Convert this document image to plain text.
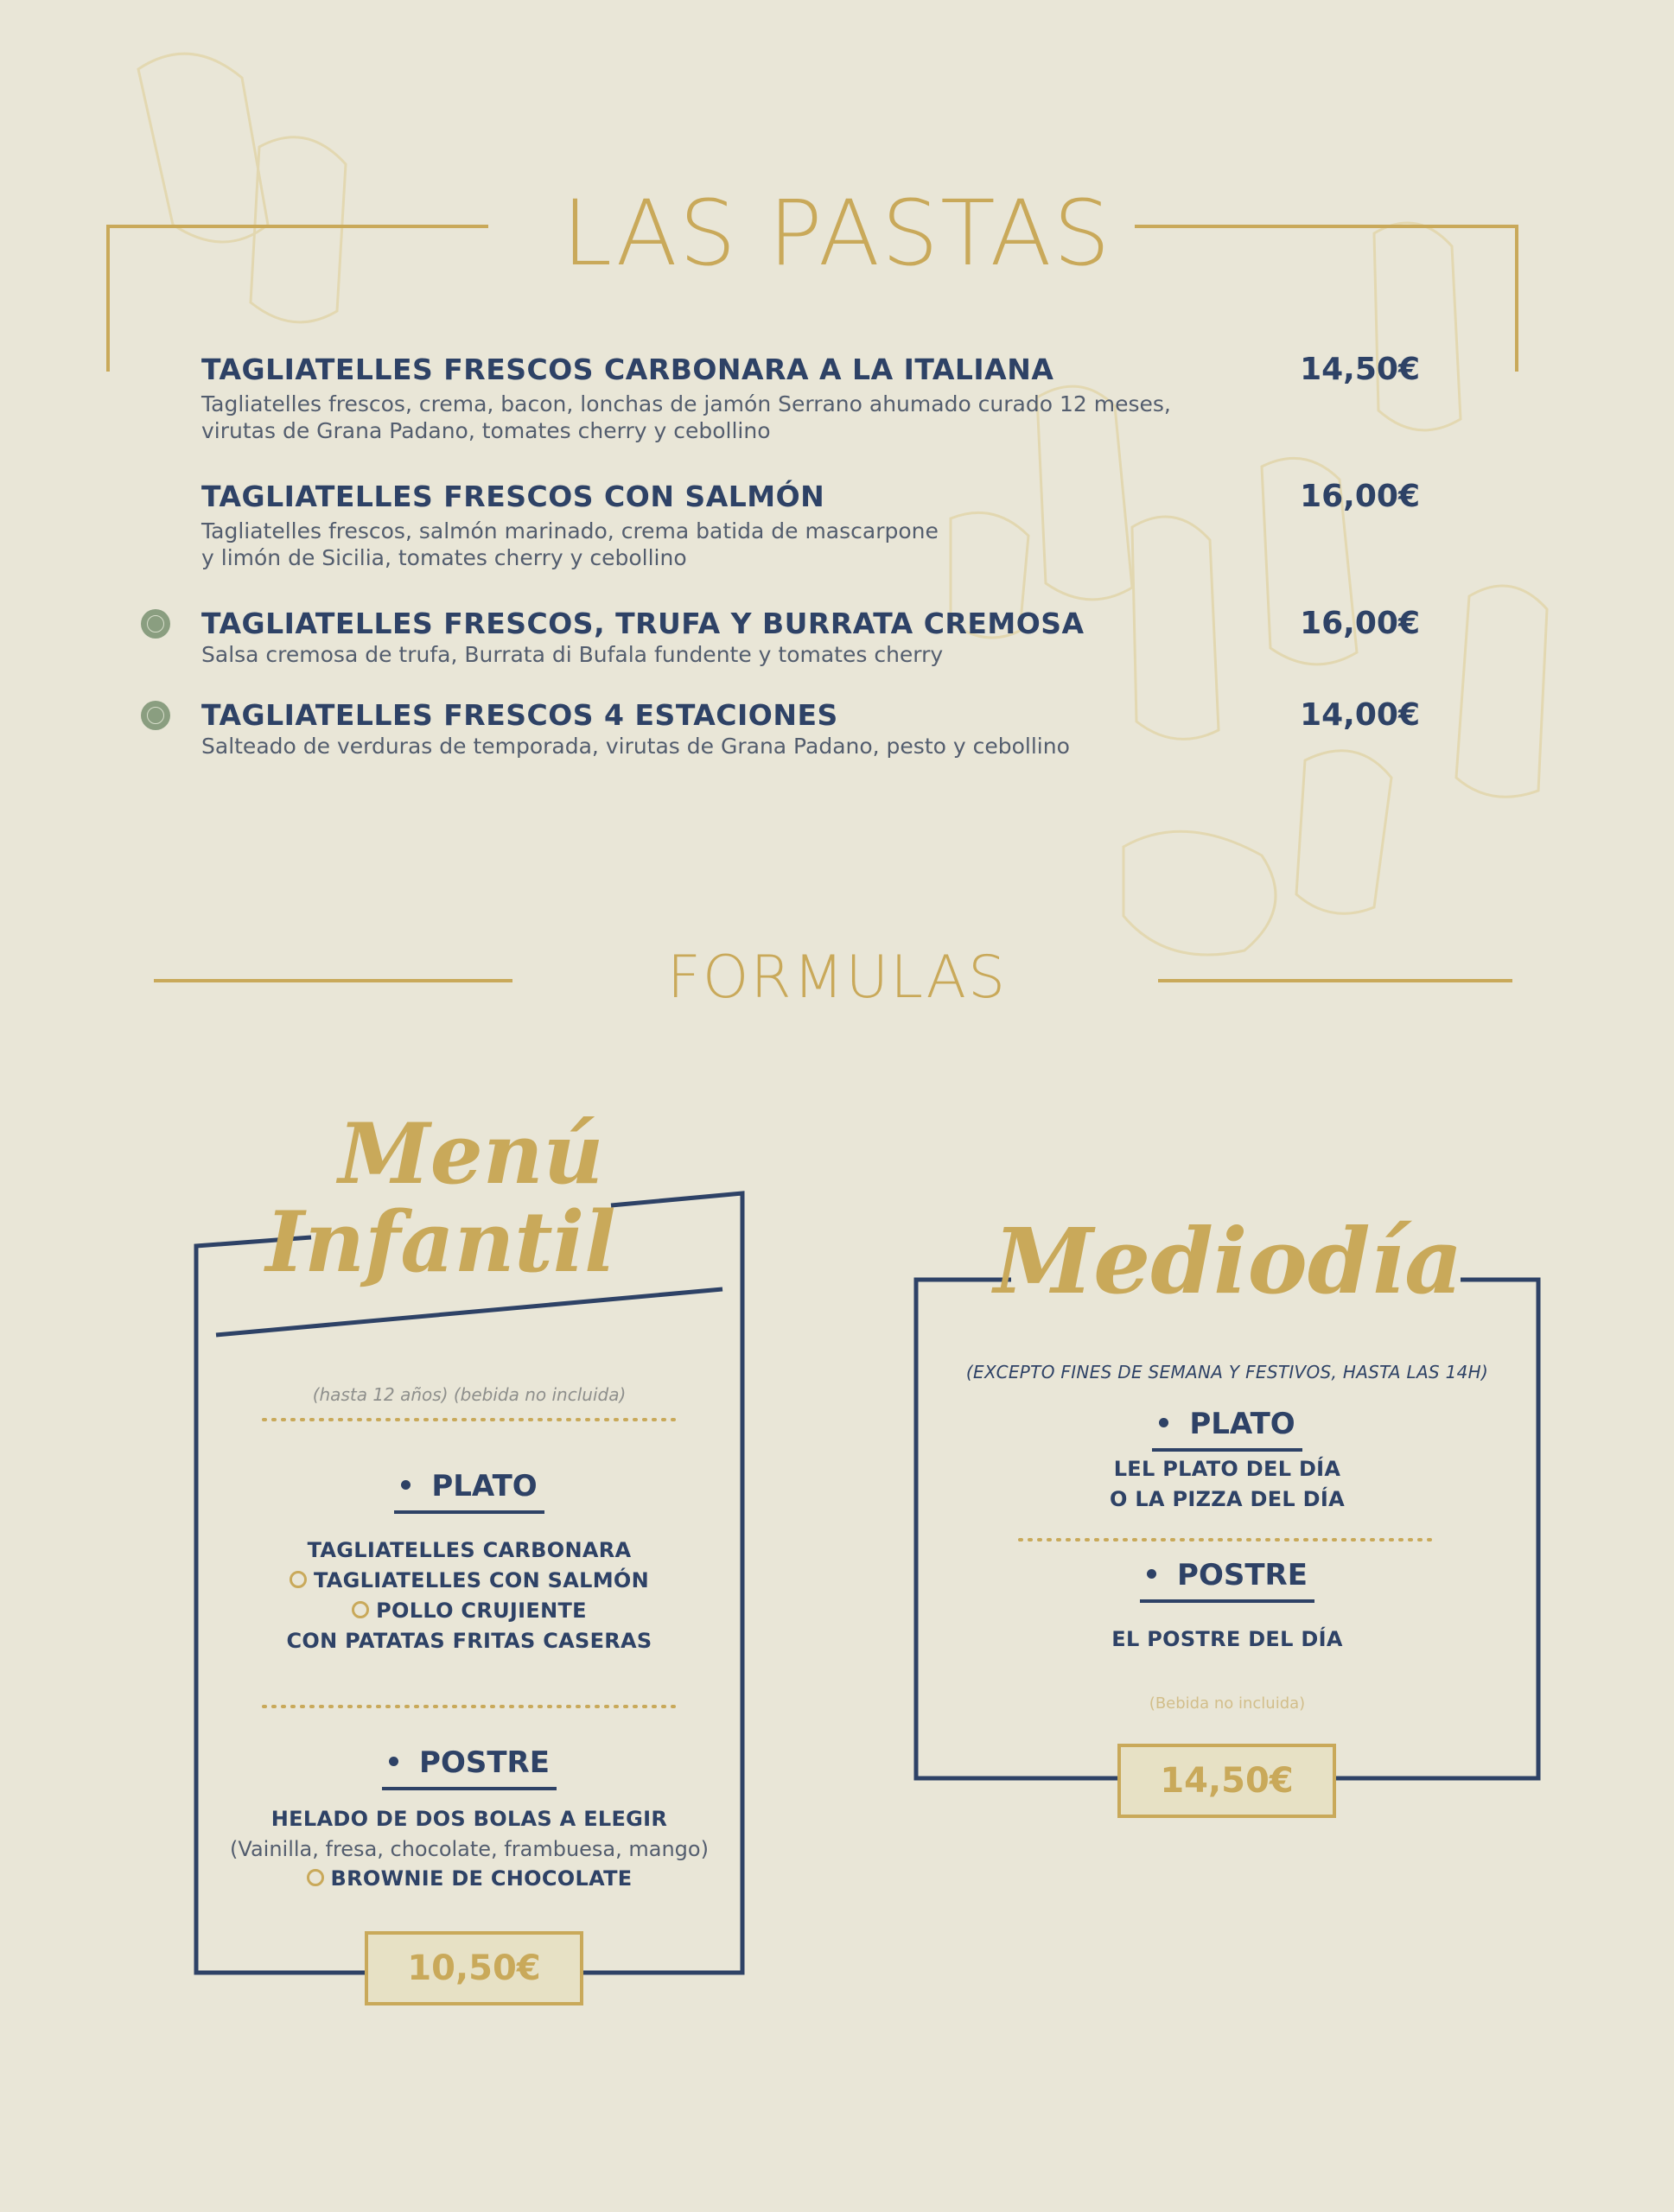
LAS PASTAS
TAGLIATELLES FRESCOS CARBONARA A LA ITALIANA	14,50€
Tagliatelles frescos, crema, bacon, lonchas de jamón Serrano ahumado curado 12 meses,
virutas de Grana Padano, tomates cherry y cebollino
TAGLIATELLES FRESCOS CON SALMÓN	16,00€
Tagliatelles frescos, salmón marinado, crema batida de mascarpone
y limón de Sicilia, tomates cherry y cebollino
TAGLIATELLES FRESCOS, TRUFA Y BURRATA CREMOSA	16,00€
Salsa cremosa de trufa, Burrata di Bufala fundente y tomates cherry
TAGLIATELLES FRESCOS 4 ESTACIONES	14,00€
Salteado de verduras de temporada, virutas de Grana Padano, pesto y cebollino
FORMULAS
Menú
Infantil
(hasta 12 años) (bebida no incluida)
PLATO
TAGLIATELLES CARBONARA
TAGLIATELLES CON SALMÓN
POLLO CRUJIENTE
CON PATATAS FRITAS CASERAS
POSTRE
HELADO DE DOS BOLAS A ELEGIR
(Vainilla, fresa, chocolate, frambuesa, mango)
BROWNIE DE CHOCOLATE
10,50€
Mediodía
(EXCEPTO FINES DE SEMANA Y FESTIVOS, HASTA LAS 14H)
PLATO
LEL PLATO DEL DÍA
O LA PIZZA DEL DÍA
POSTRE
EL POSTRE DEL DÍA
(Bebida no incluida)
14,50€
